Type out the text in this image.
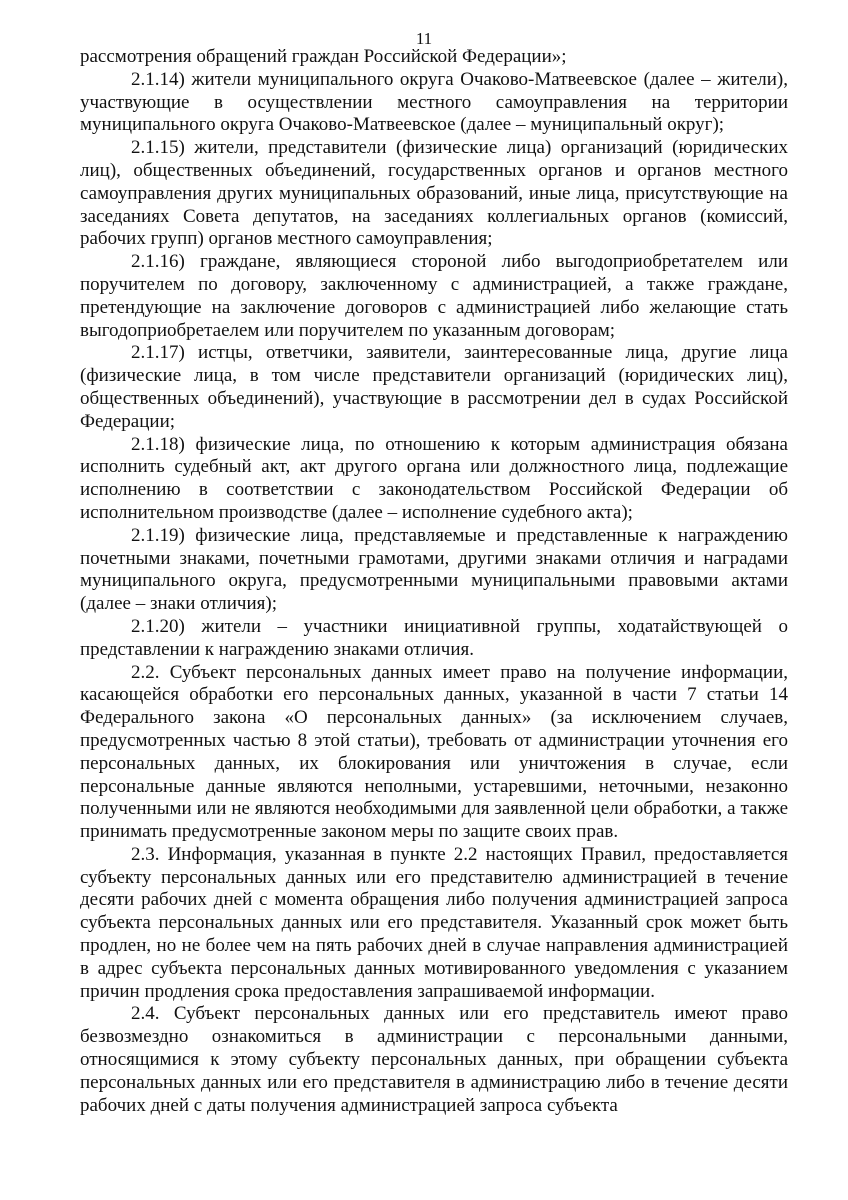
11

рассмотрения обращений граждан Российской Федерации»;

2.1.14) жители муниципального округа Очаково-Матвеевское (далее – жители), участвующие в осуществлении местного самоуправления на территории муниципального округа Очаково-Матвеевское (далее – муниципальный округ);

2.1.15) жители, представители (физические лица) организаций (юридических лиц), общественных объединений, государственных органов и органов местного самоуправления других муниципальных образований, иные лица, присутствующие на заседаниях Совета депутатов, на заседаниях коллегиальных органов (комиссий, рабочих групп) органов местного самоуправления;

2.1.16) граждане, являющиеся стороной либо выгодоприобретателем или поручителем по договору, заключенному с администрацией, а также граждане, претендующие на заключение договоров с администрацией либо желающие стать выгодоприобретаелем или поручителем по указанным договорам;

2.1.17) истцы, ответчики, заявители, заинтересованные лица, другие лица (физические лица, в том числе представители организаций (юридических лиц), общественных объединений), участвующие в рассмотрении дел в судах Российской Федерации;

2.1.18) физические лица, по отношению к которым администрация обязана исполнить судебный акт, акт другого органа или должностного лица, подлежащие исполнению в соответствии с законодательством Российской Федерации об исполнительном производстве (далее – исполнение судебного акта);

2.1.19) физические лица, представляемые и представленные к награждению почетными знаками, почетными грамотами, другими знаками отличия и наградами муниципального округа, предусмотренными муниципальными правовыми актами (далее – знаки отличия);

2.1.20) жители – участники инициативной группы, ходатайствующей о представлении к награждению знаками отличия.

2.2. Субъект персональных данных имеет право на получение информации, касающейся обработки его персональных данных, указанной в части 7 статьи 14 Федерального закона «О персональных данных» (за исключением случаев, предусмотренных частью 8 этой статьи), требовать от администрации уточнения его персональных данных, их блокирования или уничтожения в случае, если персональные данные являются неполными, устаревшими, неточными, незаконно полученными или не являются необходимыми для заявленной цели обработки, а также принимать предусмотренные законом меры по защите своих прав.

2.3. Информация, указанная в пункте 2.2 настоящих Правил, предоставляется субъекту персональных данных или его представителю администрацией в течение десяти рабочих дней с момента обращения либо получения администрацией запроса субъекта персональных данных или его представителя. Указанный срок может быть продлен, но не более чем на пять рабочих дней в случае направления администрацией в адрес субъекта персональных данных мотивированного уведомления с указанием причин продления срока предоставления запрашиваемой информации.

2.4. Субъект персональных данных или его представитель имеют право безвозмездно ознакомиться в администрации с персональными данными, относящимися к этому субъекту персональных данных, при обращении субъекта персональных данных или его представителя в администрацию либо в течение десяти рабочих дней с даты получения администрацией запроса субъекта
